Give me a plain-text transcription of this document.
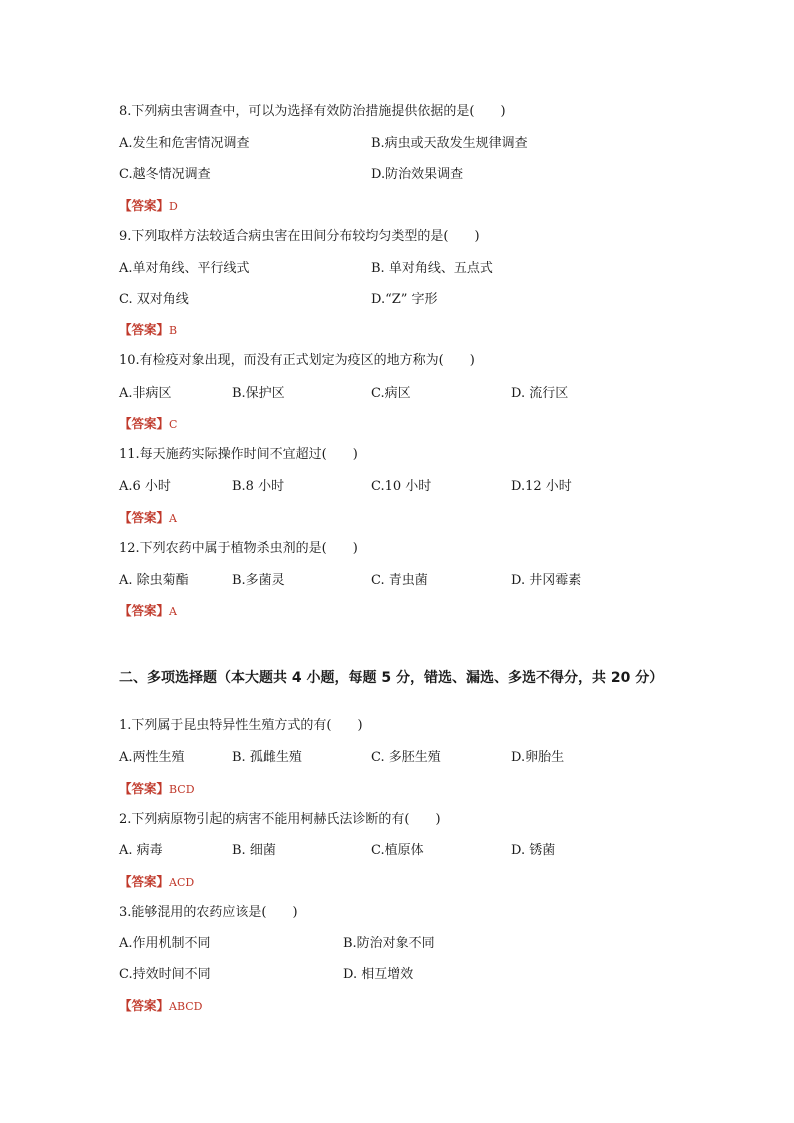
8.下列病虫害调查中，可以为选择有效防治措施提供依据的是(　　)
A.发生和危害情况调查	B.病虫或天敌发生规律调查
C.越冬情况调查	D.防治效果调查
【答案】D
9.下列取样方法较适合病虫害在田间分布较均匀类型的是(　　)
A.单对角线、平行线式	B. 单对角线、五点式
C. 双对角线	D.“Z” 字形
【答案】B
10.有检疫对象出现，而没有正式划定为疫区的地方称为(　　)
A.非病区	B.保护区	C.病区	D. 流行区
【答案】C
11.每天施药实际操作时间不宜超过(　　)
A.6 小时	B.8 小时	C.10 小时	D.12 小时
【答案】A
12.下列农药中属于植物杀虫剂的是(　　)
A. 除虫菊酯	B.多菌灵	C. 青虫菌	D. 井冈霉素
【答案】A
二、多项选择题（本大题共 4 小题，每题 5 分，错选、漏选、多选不得分，共 20 分）
1.下列属于昆虫特异性生殖方式的有(　　)
A.两性生殖	B. 孤雌生殖	C. 多胚生殖	D.卵胎生
【答案】BCD
2.下列病原物引起的病害不能用柯赫氏法诊断的有(　　)
A. 病毒	B. 细菌	C.植原体	D. 锈菌
【答案】ACD
3.能够混用的农药应该是(　　)
A.作用机制不同	B.防治对象不同
C.持效时间不同	D. 相互增效
【答案】ABCD
